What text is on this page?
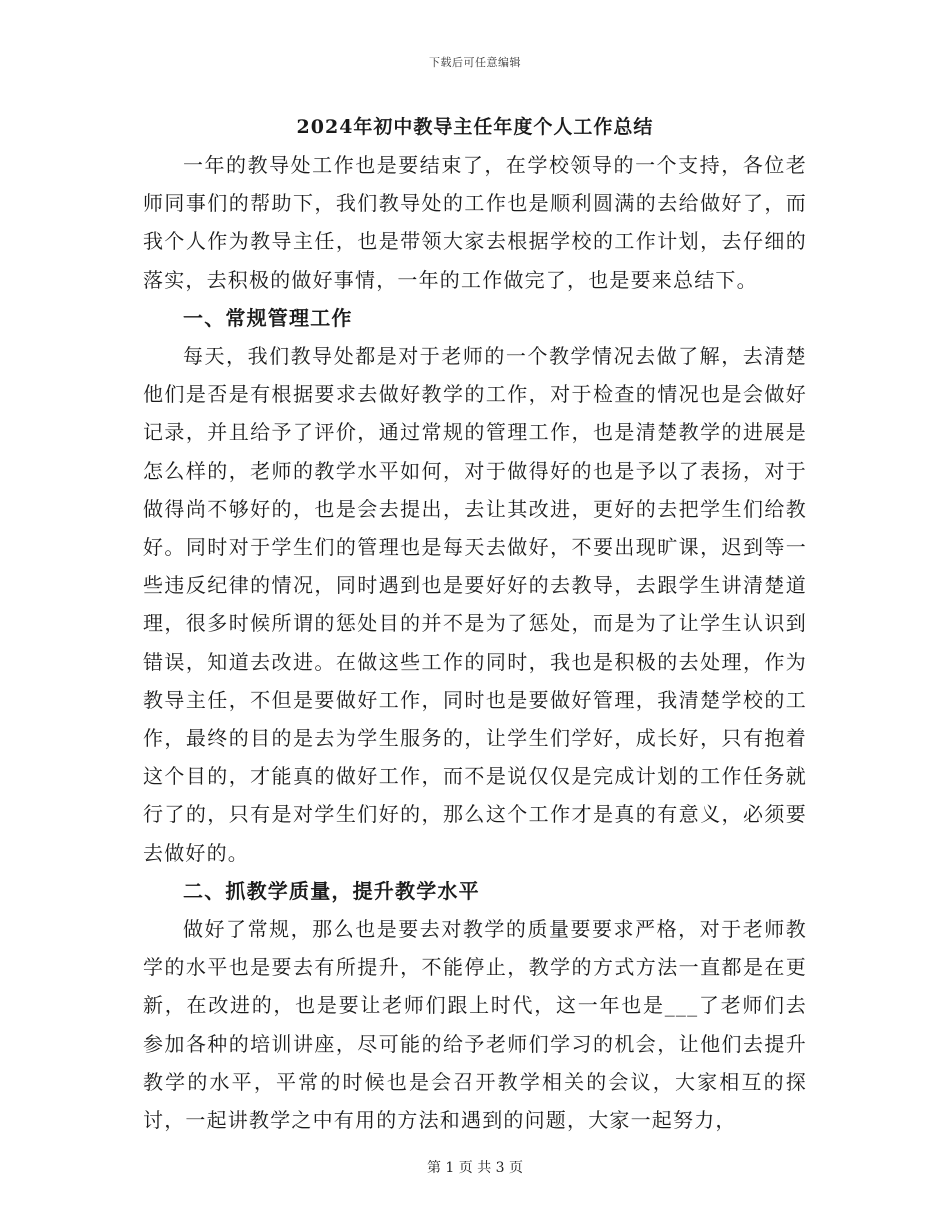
下载后可任意编辑
2024年初中教导主任年度个人工作总结

一年的教导处工作也是要结束了，在学校领导的一个支持，各位老师同事们的帮助下，我们教导处的工作也是顺利圆满的去给做好了，而我个人作为教导主任，也是带领大家去根据学校的工作计划，去仔细的落实，去积极的做好事情，一年的工作做完了，也是要来总结下。

一、常规管理工作

每天，我们教导处都是对于老师的一个教学情况去做了解，去清楚他们是否是有根据要求去做好教学的工作，对于检查的情况也是会做好记录，并且给予了评价，通过常规的管理工作，也是清楚教学的进展是怎么样的，老师的教学水平如何，对于做得好的也是予以了表扬，对于做得尚不够好的，也是会去提出，去让其改进，更好的去把学生们给教好。同时对于学生们的管理也是每天去做好，不要出现旷课，迟到等一些违反纪律的情况，同时遇到也是要好好的去教导，去跟学生讲清楚道理，很多时候所谓的惩处目的并不是为了惩处，而是为了让学生认识到错误，知道去改进。在做这些工作的同时，我也是积极的去处理，作为教导主任，不但是要做好工作，同时也是要做好管理，我清楚学校的工作，最终的目的是去为学生服务的，让学生们学好，成长好，只有抱着这个目的，才能真的做好工作，而不是说仅仅是完成计划的工作任务就行了的，只有是对学生们好的，那么这个工作才是真的有意义，必须要去做好的。

二、抓教学质量，提升教学水平

做好了常规，那么也是要去对教学的质量要要求严格，对于老师教学的水平也是要去有所提升，不能停止，教学的方式方法一直都是在更新，在改进的，也是要让老师们跟上时代，这一年也是___了老师们去参加各种的培训讲座，尽可能的给予老师们学习的机会，让他们去提升教学的水平，平常的时候也是会召开教学相关的会议，大家相互的探讨，一起讲教学之中有用的方法和遇到的问题，大家一起努力，

第 1 页 共 3 页
